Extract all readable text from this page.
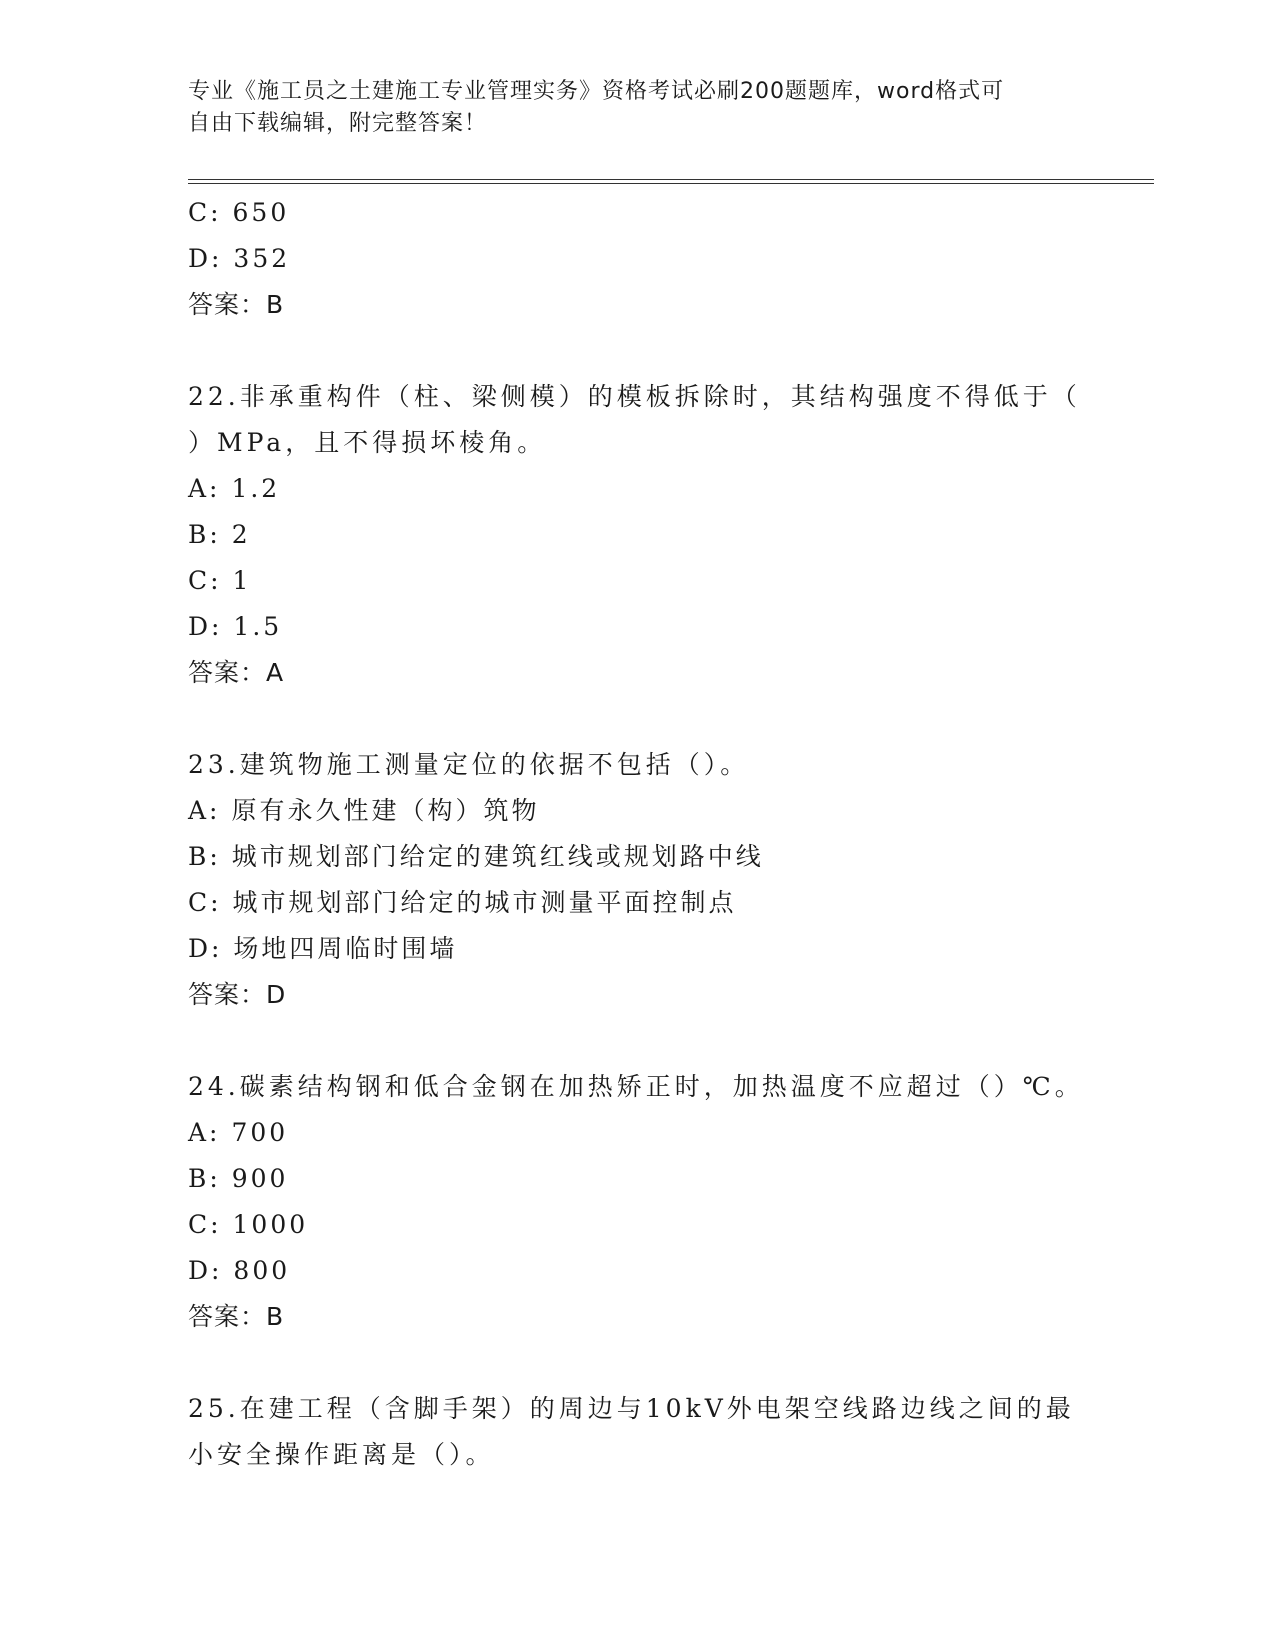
专业《施工员之土建施工专业管理实务》资格考试必刷200题题库，word格式可
自由下载编辑，附完整答案！
C: 650
D: 352
答案：B
22.非承重构件（柱、梁侧模）的模板拆除时，其结构强度不得低于（
）MPa，且不得损坏棱角。
A: 1.2
B: 2
C: 1
D: 1.5
答案：A
23.建筑物施工测量定位的依据不包括（）。
A: 原有永久性建（构）筑物
B: 城市规划部门给定的建筑红线或规划路中线
C: 城市规划部门给定的城市测量平面控制点
D: 场地四周临时围墙
答案：D
24.碳素结构钢和低合金钢在加热矫正时，加热温度不应超过（）℃。
A: 700
B: 900
C: 1000
D: 800
答案：B
25.在建工程（含脚手架）的周边与10kV外电架空线路边线之间的最
小安全操作距离是（）。
